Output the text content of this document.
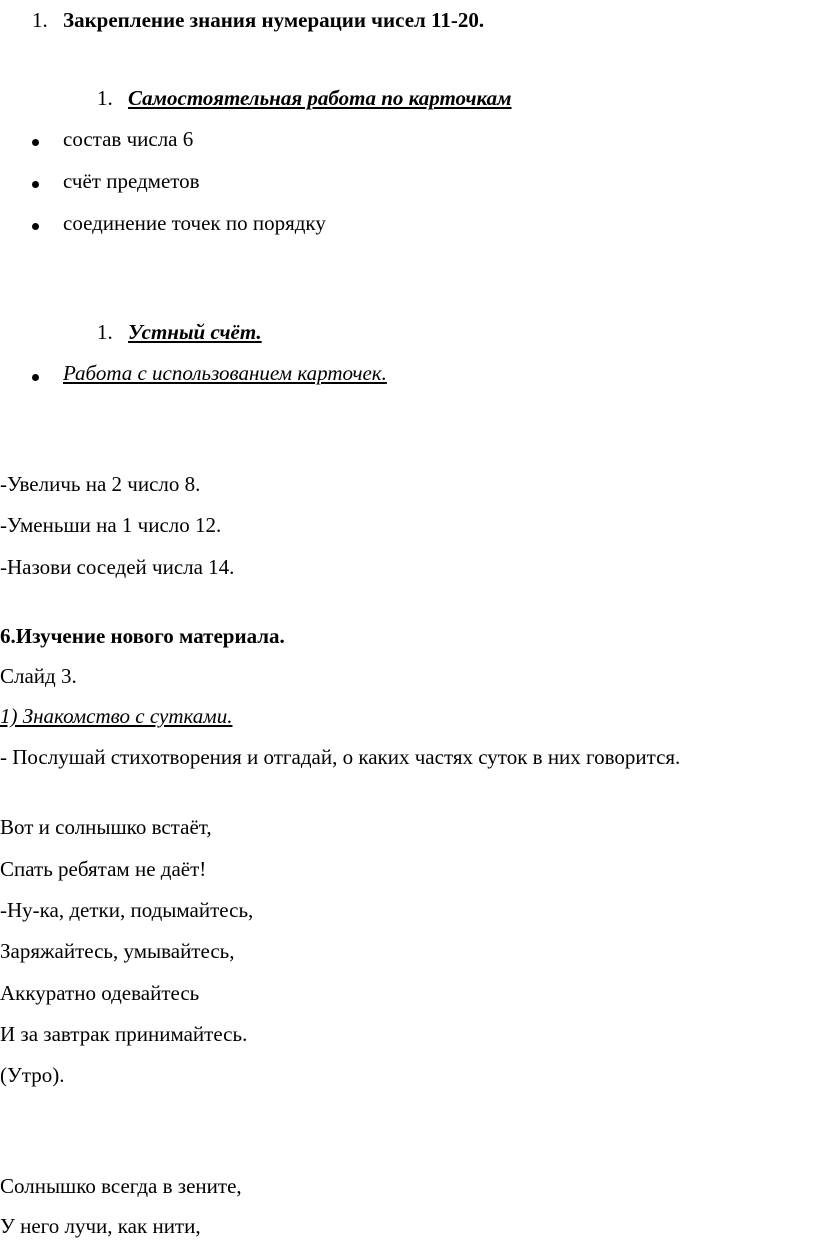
1. Закрепление знания нумерации чисел 11-20.
1. Самостоятельная работа по карточкам
состав числа 6
счёт предметов
соединение точек по порядку
1. Устный счёт.
Работа с использованием карточек.
-Увеличь на 2 число 8.
-Уменьши на 1 число 12.
-Назови соседей числа 14.
6.Изучение нового материала.
Слайд 3.
1) Знакомство с сутками.
- Послушай стихотворения и отгадай, о каких частях суток в них говорится.
Вот и солнышко встаёт,
Спать ребятам не даёт!
-Ну-ка, детки, подымайтесь,
Заряжайтесь, умывайтесь,
Аккуратно одевайтесь
И за завтрак принимайтесь.
(Утро).
Солнышко всегда в зените,
У него лучи, как нити,
